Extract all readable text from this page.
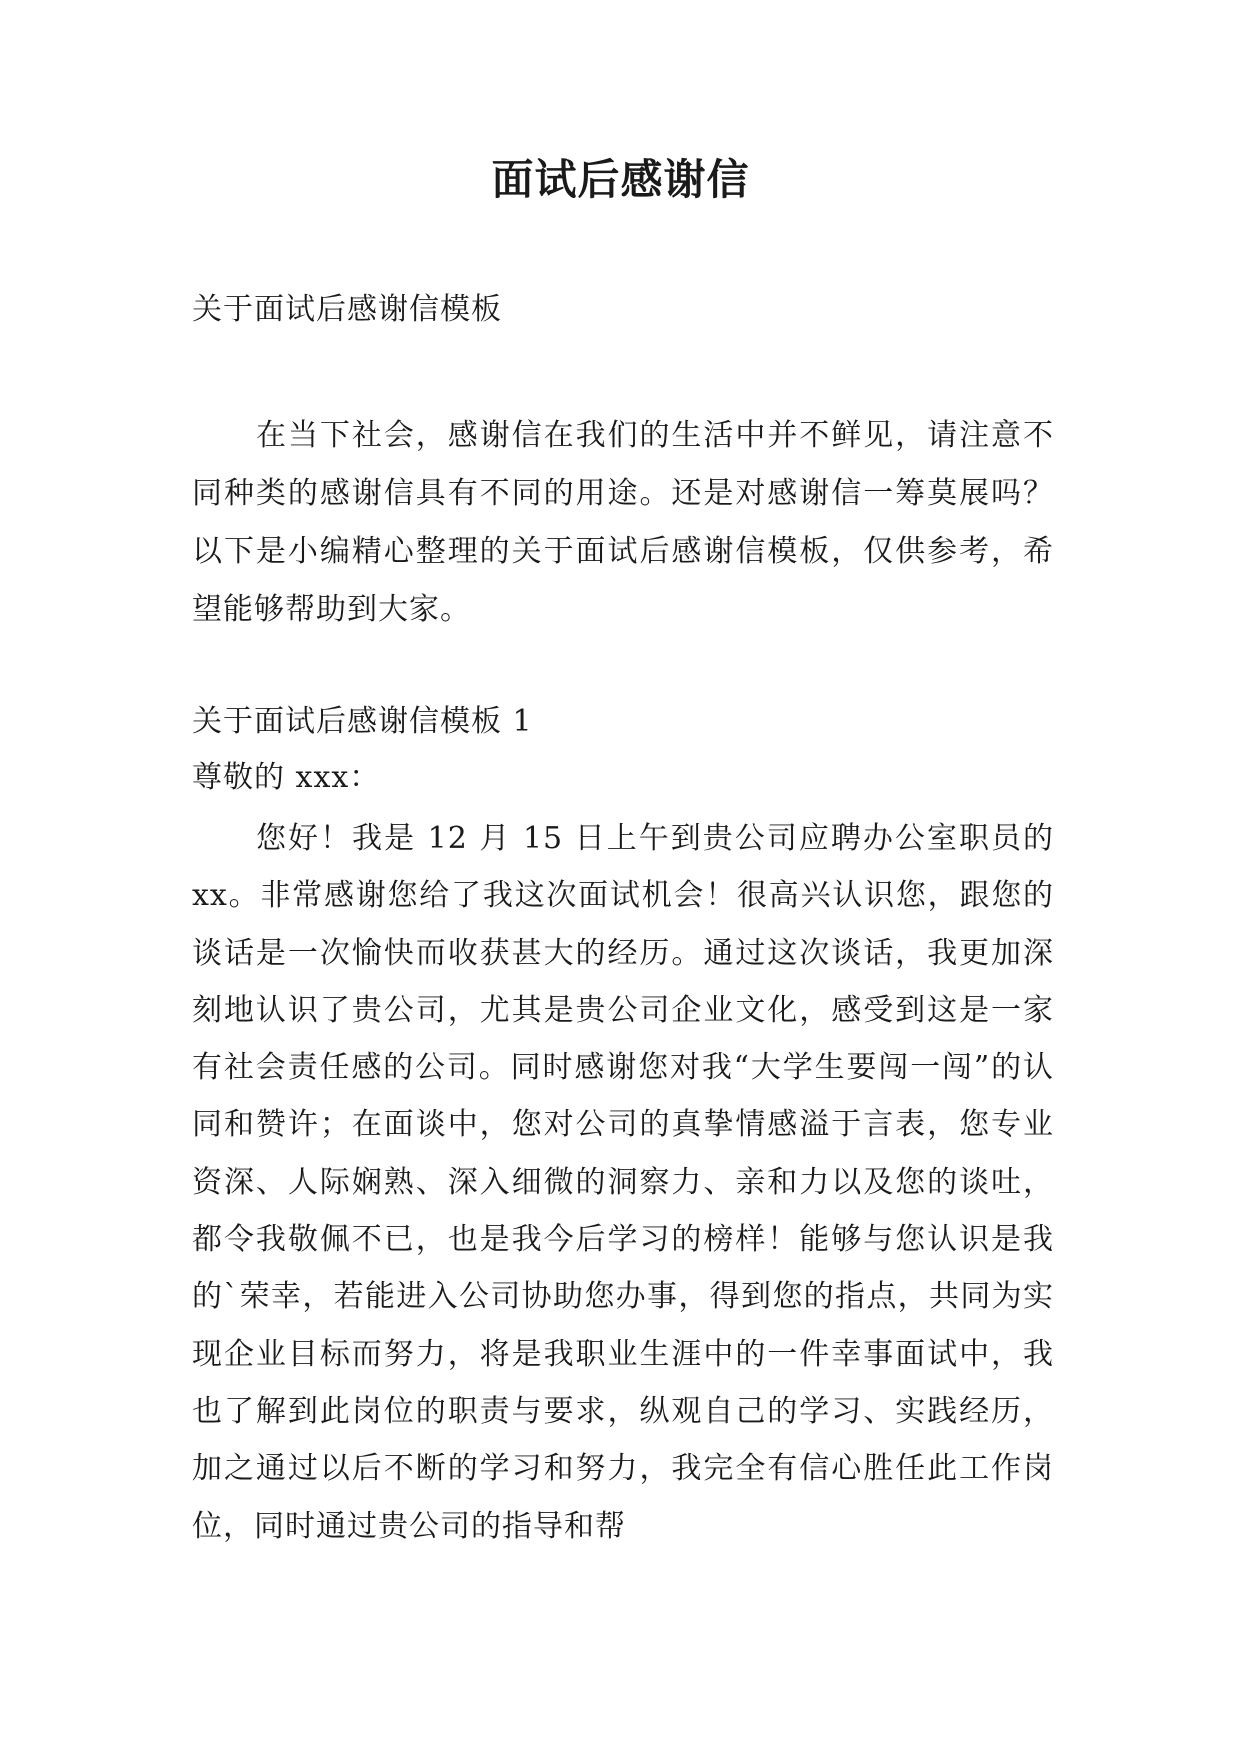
面试后感谢信

关于面试后感谢信模板

在当下社会，感谢信在我们的生活中并不鲜见，请注意不同种类的感谢信具有不同的用途。还是对感谢信一筹莫展吗？以下是小编精心整理的关于面试后感谢信模板，仅供参考，希望能够帮助到大家。

关于面试后感谢信模板 1

尊敬的 xxx：

您好！我是 12 月 15 日上午到贵公司应聘办公室职员的 xx。非常感谢您给了我这次面试机会！很高兴认识您，跟您的谈话是一次愉快而收获甚大的经历。通过这次谈话，我更加深刻地认识了贵公司，尤其是贵公司企业文化，感受到这是一家有社会责任感的公司。同时感谢您对我“大学生要闯一闯”的认同和赞许；在面谈中，您对公司的真挚情感溢于言表，您专业资深、人际娴熟、深入细微的洞察力、亲和力以及您的谈吐，都令我敬佩不已，也是我今后学习的榜样！能够与您认识是我的`荣幸，若能进入公司协助您办事，得到您的指点，共同为实现企业目标而努力，将是我职业生涯中的一件幸事面试中，我也了解到此岗位的职责与要求，纵观自己的学习、实践经历，加之通过以后不断的学习和努力，我完全有信心胜任此工作岗位，同时通过贵公司的指导和帮
